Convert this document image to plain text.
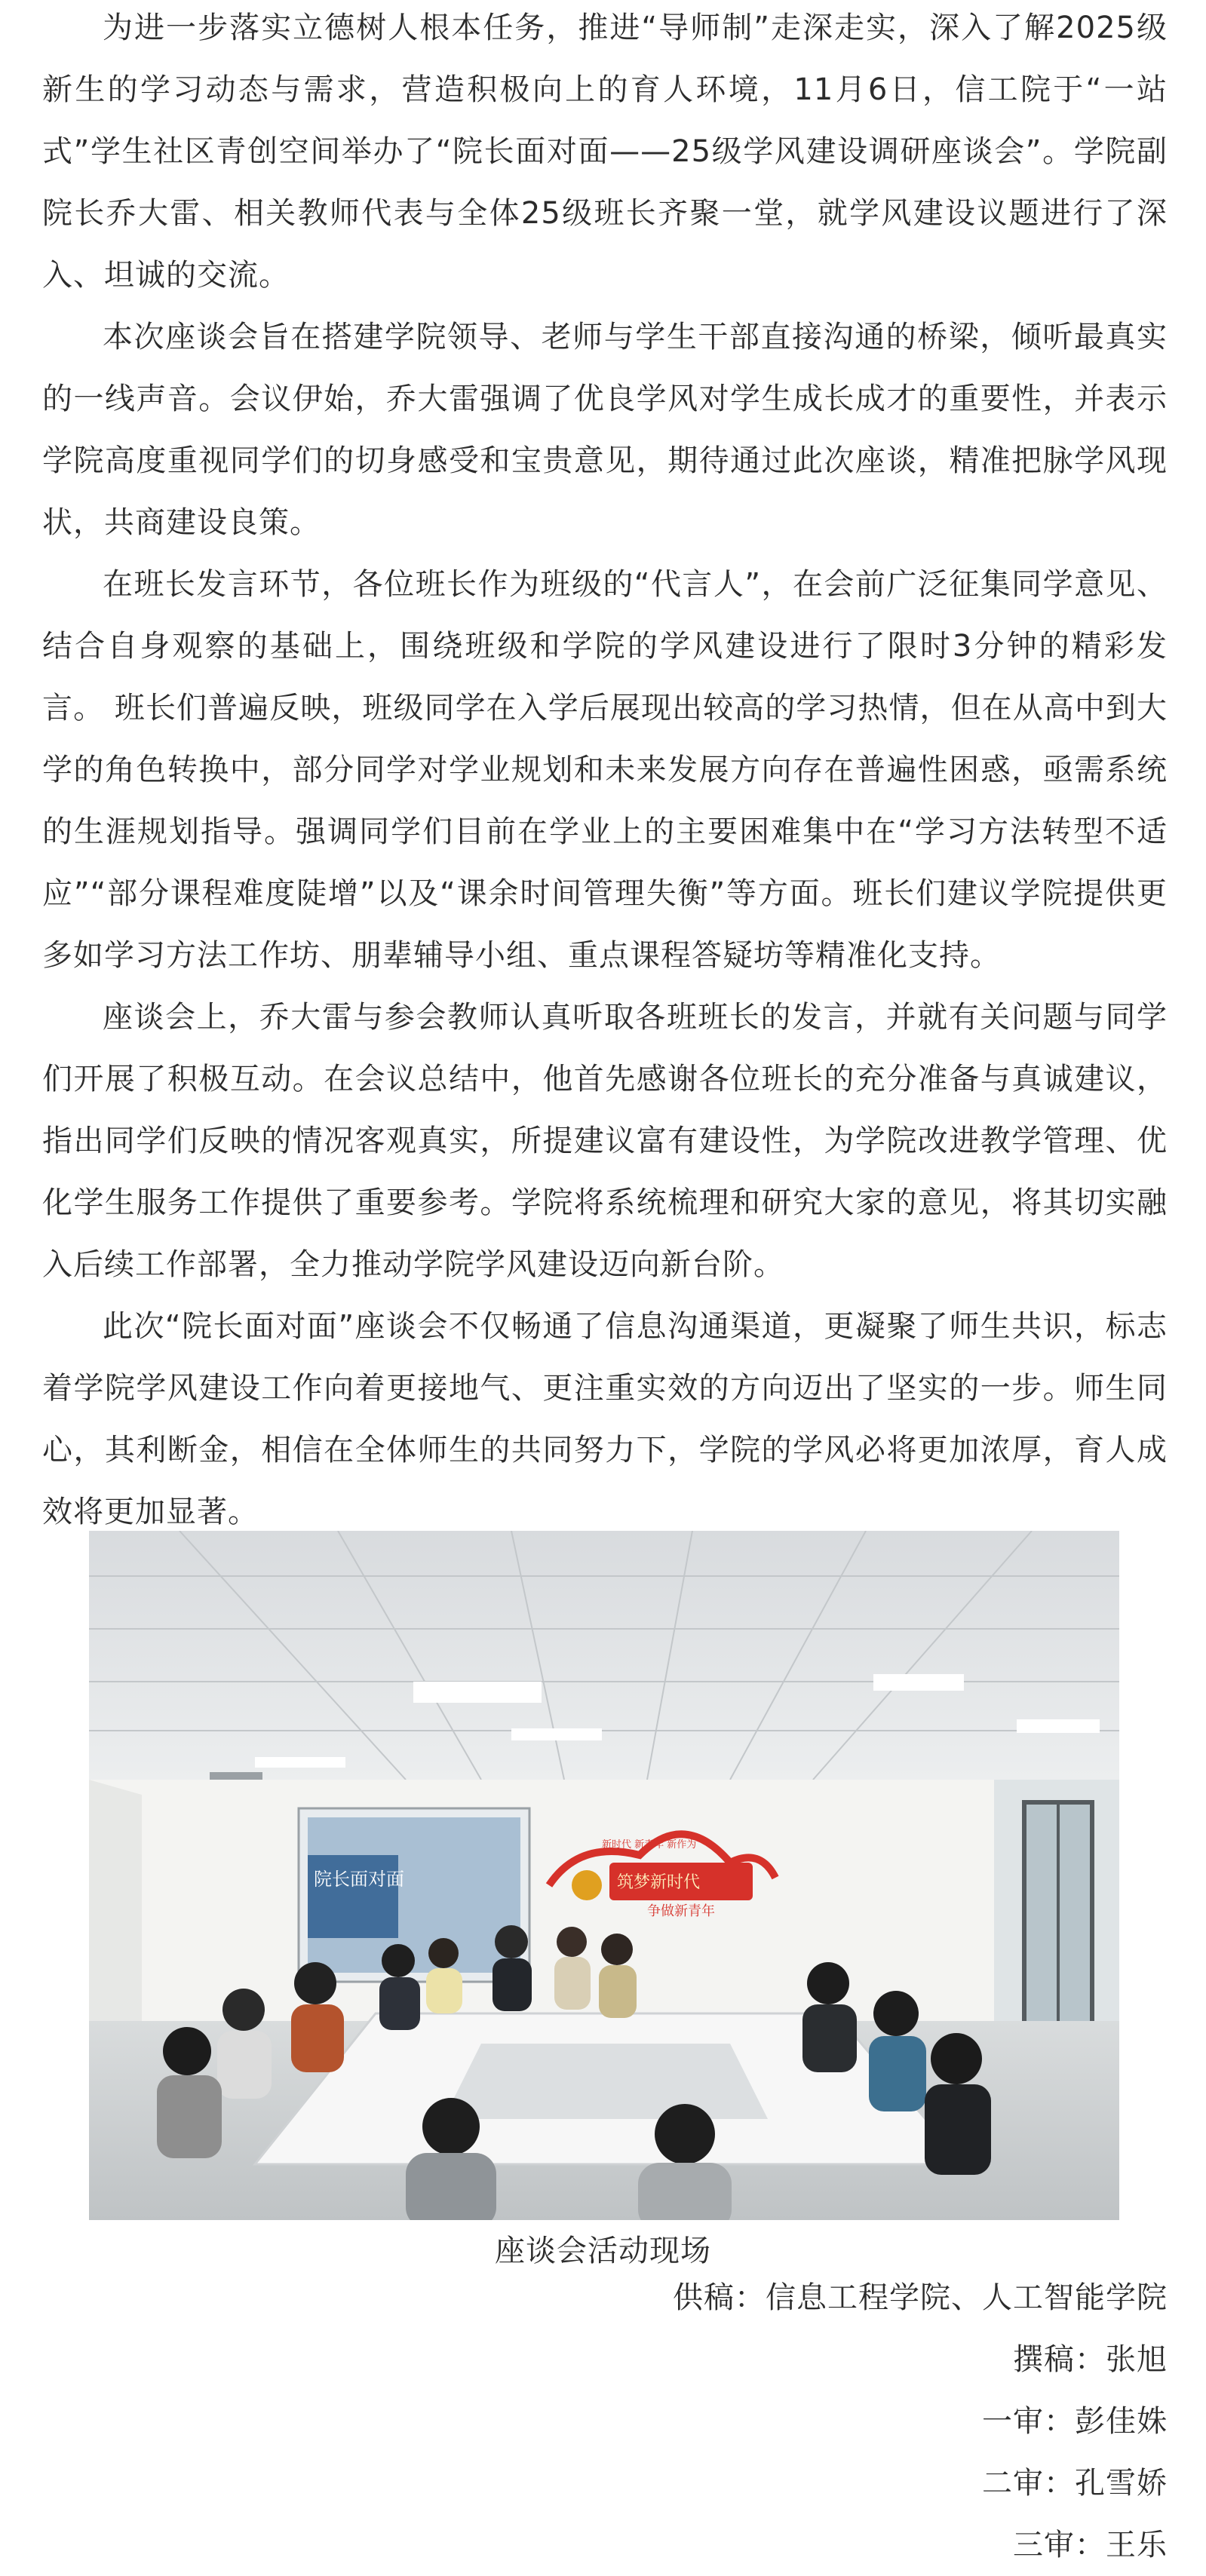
为进一步落实立德树人根本任务，推进“导师制”走深走实，深入了解2025级新生的学习动态与需求，营造积极向上的育人环境，11月6日，信工院于“一站式”学生社区青创空间举办了“院长面对面——25级学风建设调研座谈会”。学院副院长乔大雷、相关教师代表与全体25级班长齐聚一堂，就学风建设议题进行了深入、坦诚的交流。

本次座谈会旨在搭建学院领导、老师与学生干部直接沟通的桥梁，倾听最真实的一线声音。会议伊始，乔大雷强调了优良学风对学生成长成才的重要性，并表示学院高度重视同学们的切身感受和宝贵意见，期待通过此次座谈，精准把脉学风现状，共商建设良策。

在班长发言环节，各位班长作为班级的“代言人”，在会前广泛征集同学意见、结合自身观察的基础上，围绕班级和学院的学风建设进行了限时3分钟的精彩发言。 班长们普遍反映，班级同学在入学后展现出较高的学习热情，但在从高中到大学的角色转换中，部分同学对学业规划和未来发展方向存在普遍性困惑，亟需系统的生涯规划指导。强调同学们目前在学业上的主要困难集中在“学习方法转型不适应”“部分课程难度陡增”以及“课余时间管理失衡”等方面。班长们建议学院提供更多如学习方法工作坊、朋辈辅导小组、重点课程答疑坊等精准化支持。

座谈会上，乔大雷与参会教师认真听取各班班长的发言，并就有关问题与同学们开展了积极互动。在会议总结中，他首先感谢各位班长的充分准备与真诚建议，指出同学们反映的情况客观真实，所提建议富有建设性，为学院改进教学管理、优化学生服务工作提供了重要参考。学院将系统梳理和研究大家的意见，将其切实融入后续工作部署，全力推动学院学风建设迈向新台阶。

此次“院长面对面”座谈会不仅畅通了信息沟通渠道，更凝聚了师生共识，标志着学院学风建设工作向着更接地气、更注重实效的方向迈出了坚实的一步。师生同心，其利断金，相信在全体师生的共同努力下，学院的学风必将更加浓厚，育人成效将更加显著。

院长面对面	筑梦新时代
争做新青年
新时代 新青年 新作为

座谈会活动现场

供稿：信息工程学院、人工智能学院

撰稿：张旭

一审：彭佳姝

二审：孔雪娇

三审：王乐
